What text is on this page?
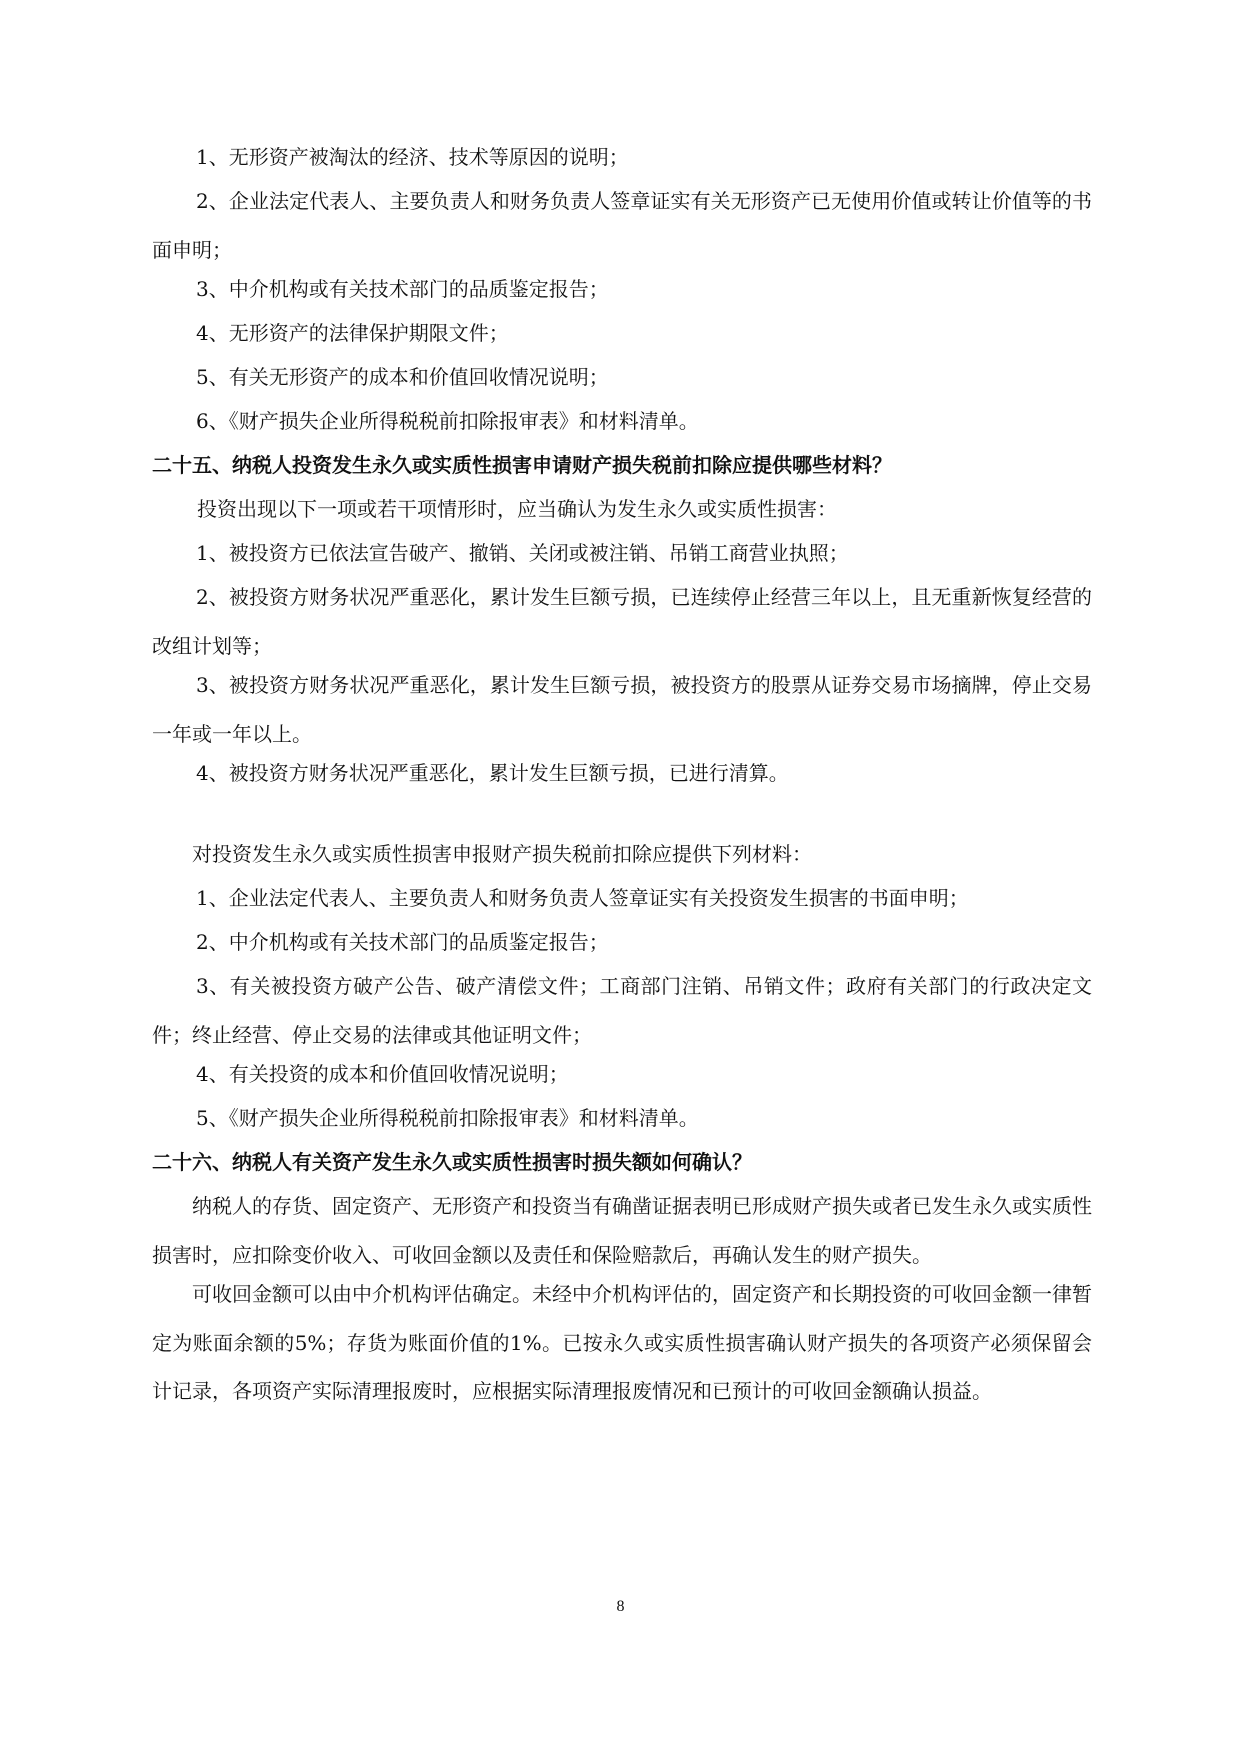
1、无形资产被淘汰的经济、技术等原因的说明；
2、企业法定代表人、主要负责人和财务负责人签章证实有关无形资产已无使用价值或转让价值等的书面申明；
3、中介机构或有关技术部门的品质鉴定报告；
4、无形资产的法律保护期限文件；
5、有关无形资产的成本和价值回收情况说明；
6、《财产损失企业所得税税前扣除报审表》和材料清单。
二十五、纳税人投资发生永久或实质性损害申请财产损失税前扣除应提供哪些材料？
投资出现以下一项或若干项情形时，应当确认为发生永久或实质性损害：
1、被投资方已依法宣告破产、撤销、关闭或被注销、吊销工商营业执照；
2、被投资方财务状况严重恶化，累计发生巨额亏损，已连续停止经营三年以上，且无重新恢复经营的改组计划等；
3、被投资方财务状况严重恶化，累计发生巨额亏损，被投资方的股票从证券交易市场摘牌，停止交易一年或一年以上。
4、被投资方财务状况严重恶化，累计发生巨额亏损，已进行清算。
对投资发生永久或实质性损害申报财产损失税前扣除应提供下列材料：
1、企业法定代表人、主要负责人和财务负责人签章证实有关投资发生损害的书面申明；
2、中介机构或有关技术部门的品质鉴定报告；
3、有关被投资方破产公告、破产清偿文件；工商部门注销、吊销文件；政府有关部门的行政决定文件；终止经营、停止交易的法律或其他证明文件；
4、有关投资的成本和价值回收情况说明；
5、《财产损失企业所得税税前扣除报审表》和材料清单。
二十六、纳税人有关资产发生永久或实质性损害时损失额如何确认？
纳税人的存货、固定资产、无形资产和投资当有确凿证据表明已形成财产损失或者已发生永久或实质性损害时，应扣除变价收入、可收回金额以及责任和保险赔款后，再确认发生的财产损失。
可收回金额可以由中介机构评估确定。未经中介机构评估的，固定资产和长期投资的可收回金额一律暂定为账面余额的5%；存货为账面价值的1%。已按永久或实质性损害确认财产损失的各项资产必须保留会计记录，各项资产实际清理报废时，应根据实际清理报废情况和已预计的可收回金额确认损益。
8
